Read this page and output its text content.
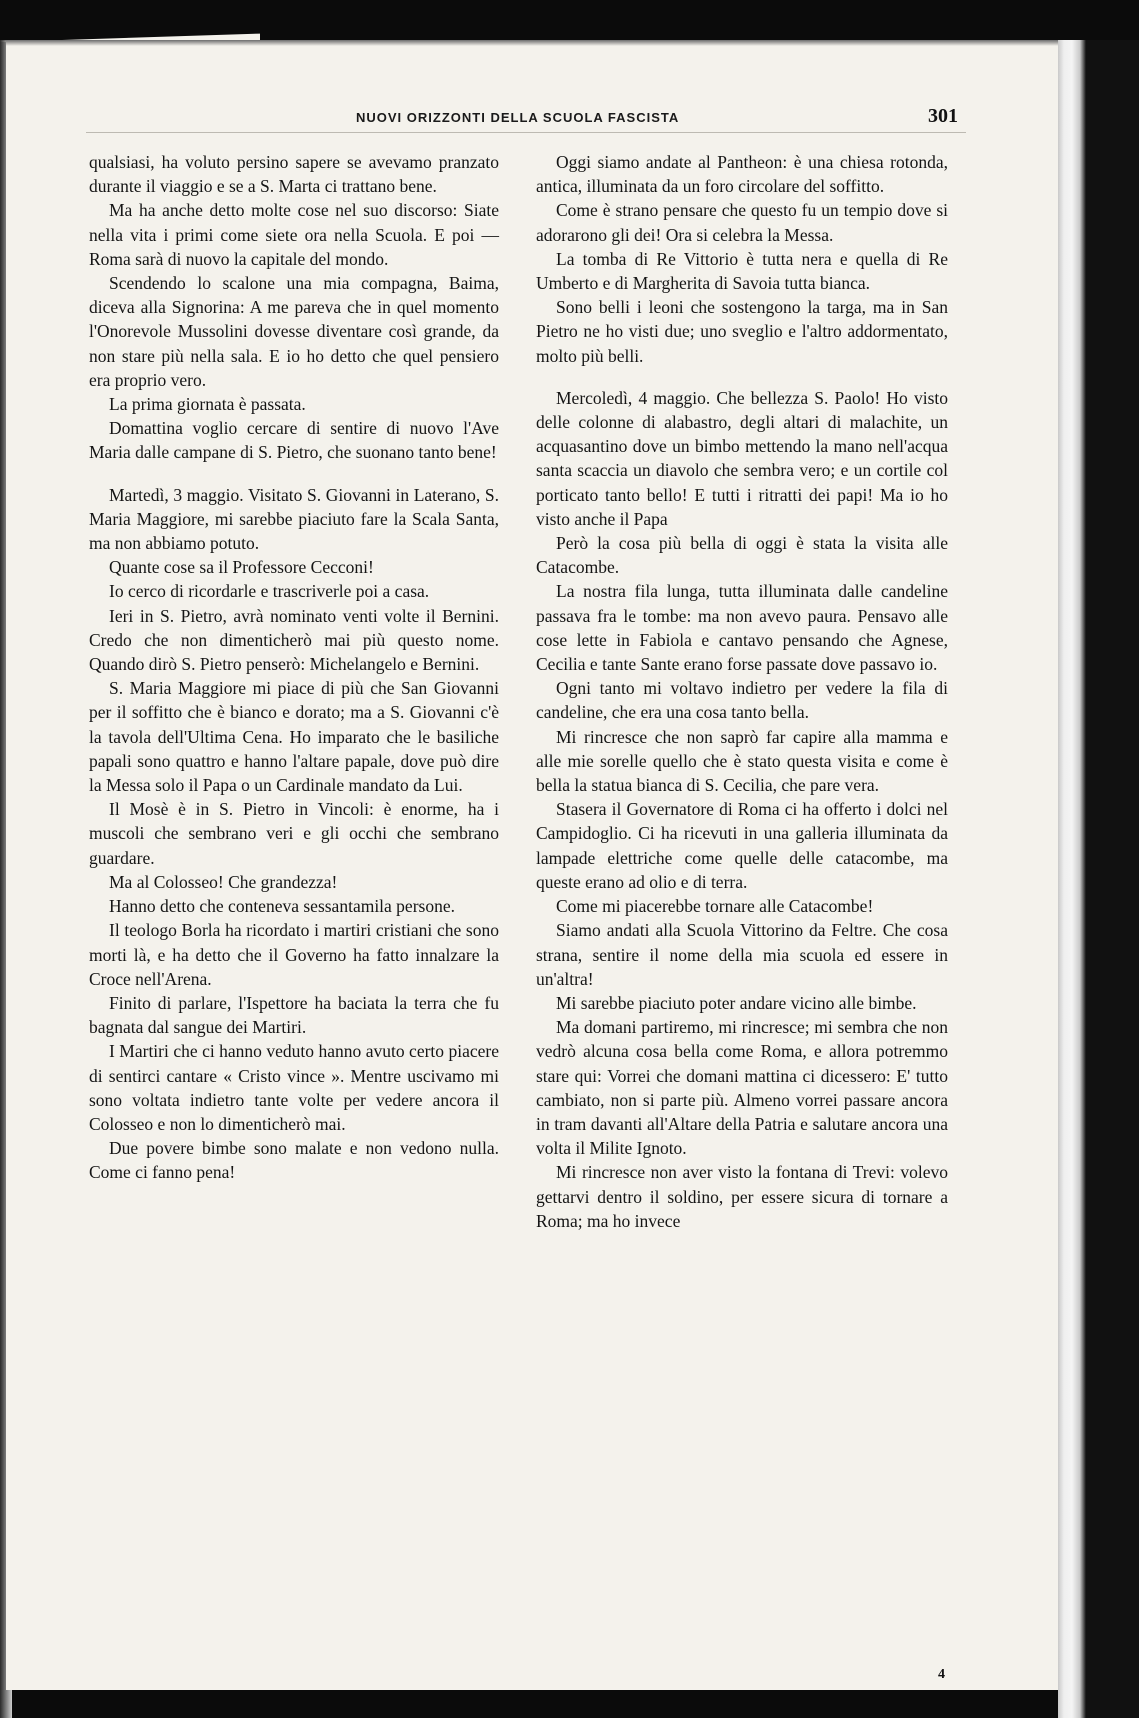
NUOVI ORIZZONTI DELLA SCUOLA FASCISTA	301

qualsiasi, ha voluto persino sapere se avevamo pranzato durante il viaggio e se a S. Marta ci trattano bene.

Ma ha anche detto molte cose nel suo discorso: Siate nella vita i primi come siete ora nella Scuola. E poi — Roma sarà di nuovo la capitale del mondo.

Scendendo lo scalone una mia compagna, Baima, diceva alla Signorina: A me pareva che in quel momento l'Onorevole Mussolini dovesse diventare così grande, da non stare più nella sala. E io ho detto che quel pensiero era proprio vero.

La prima giornata è passata.

Domattina voglio cercare di sentire di nuovo l'Ave Maria dalle campane di S. Pietro, che suonano tanto bene!

Martedì, 3 maggio. Visitato S. Giovanni in Laterano, S. Maria Maggiore, mi sarebbe piaciuto fare la Scala Santa, ma non abbiamo potuto.

Quante cose sa il Professore Cecconi!

Io cerco di ricordarle e trascriverle poi a casa.

Ieri in S. Pietro, avrà nominato venti volte il Bernini. Credo che non dimenticherò mai più questo nome. Quando dirò S. Pietro penserò: Michelangelo e Bernini.

S. Maria Maggiore mi piace di più che San Giovanni per il soffitto che è bianco e dorato; ma a S. Giovanni c'è la tavola dell'Ultima Cena. Ho imparato che le basiliche papali sono quattro e hanno l'altare papale, dove può dire la Messa solo il Papa o un Cardinale mandato da Lui.

Il Mosè è in S. Pietro in Vincoli: è enorme, ha i muscoli che sembrano veri e gli occhi che sembrano guardare.

Ma al Colosseo! Che grandezza!

Hanno detto che conteneva sessantamila persone.

Il teologo Borla ha ricordato i martiri cristiani che sono morti là, e ha detto che il Governo ha fatto innalzare la Croce nell'Arena.

Finito di parlare, l'Ispettore ha baciata la terra che fu bagnata dal sangue dei Martiri.

I Martiri che ci hanno veduto hanno avuto certo piacere di sentirci cantare « Cristo vince ». Mentre uscivamo mi sono voltata indietro tante volte per vedere ancora il Colosseo e non lo dimenticherò mai.

Due povere bimbe sono malate e non vedono nulla. Come ci fanno pena!

Oggi siamo andate al Pantheon: è una chiesa rotonda, antica, illuminata da un foro circolare del soffitto.

Come è strano pensare che questo fu un tempio dove si adorarono gli dei! Ora si celebra la Messa.

La tomba di Re Vittorio è tutta nera e quella di Re Umberto e di Margherita di Savoia tutta bianca.

Sono belli i leoni che sostengono la targa, ma in San Pietro ne ho visti due; uno sveglio e l'altro addormentato, molto più belli.

Mercoledì, 4 maggio. Che bellezza S. Paolo! Ho visto delle colonne di alabastro, degli altari di malachite, un acquasantino dove un bimbo mettendo la mano nell'acqua santa scaccia un diavolo che sembra vero; e un cortile col porticato tanto bello! E tutti i ritratti dei papi! Ma io ho visto anche il Papa

Però la cosa più bella di oggi è stata la visita alle Catacombe.

La nostra fila lunga, tutta illuminata dalle candeline passava fra le tombe: ma non avevo paura. Pensavo alle cose lette in Fabiola e cantavo pensando che Agnese, Cecilia e tante Sante erano forse passate dove passavo io.

Ogni tanto mi voltavo indietro per vedere la fila di candeline, che era una cosa tanto bella.

Mi rincresce che non saprò far capire alla mamma e alle mie sorelle quello che è stato questa visita e come è bella la statua bianca di S. Cecilia, che pare vera.

Stasera il Governatore di Roma ci ha offerto i dolci nel Campidoglio. Ci ha ricevuti in una galleria illuminata da lampade elettriche come quelle delle catacombe, ma queste erano ad olio e di terra.

Come mi piacerebbe tornare alle Catacombe!

Siamo andati alla Scuola Vittorino da Feltre. Che cosa strana, sentire il nome della mia scuola ed essere in un'altra!

Mi sarebbe piaciuto poter andare vicino alle bimbe.

Ma domani partiremo, mi rincresce; mi sembra che non vedrò alcuna cosa bella come Roma, e allora potremmo stare qui: Vorrei che domani mattina ci dicessero: E' tutto cambiato, non si parte più. Almeno vorrei passare ancora in tram davanti all'Altare della Patria e salutare ancora una volta il Milite Ignoto.

Mi rincresce non aver visto la fontana di Trevi: volevo gettarvi dentro il soldino, per essere sicura di tornare a Roma; ma ho invece

4
